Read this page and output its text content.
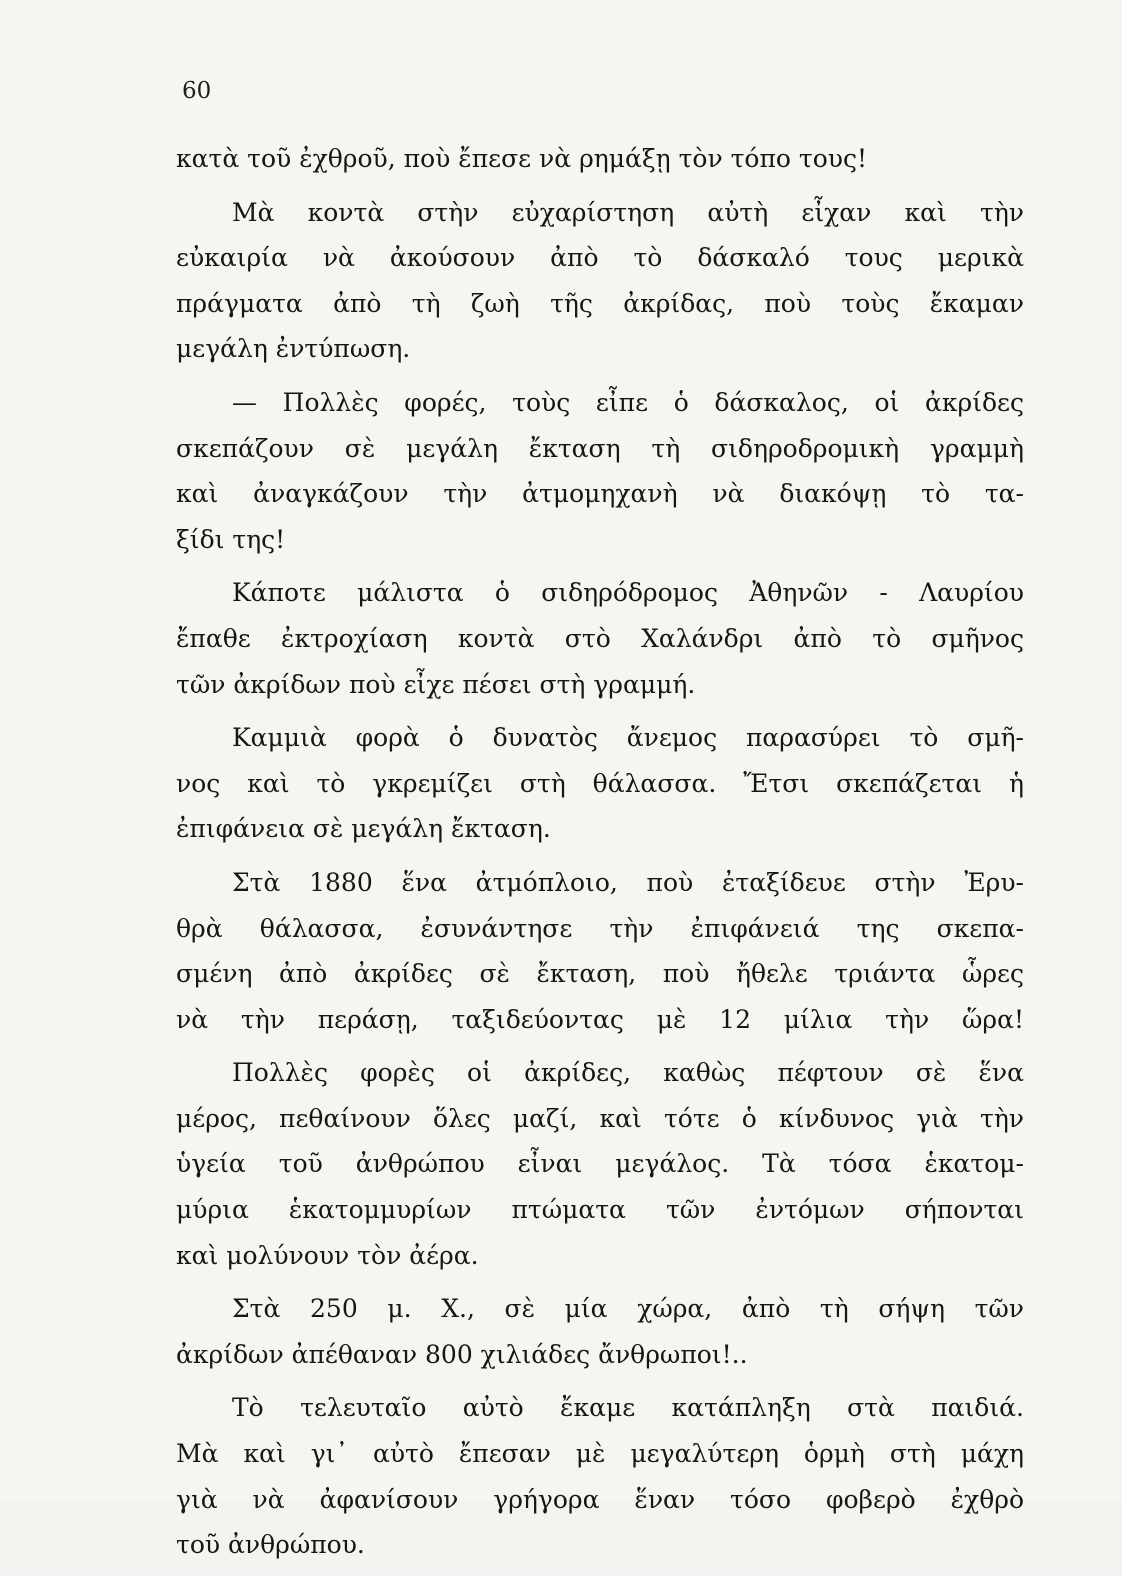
60

κατὰ τοῦ ἐχθροῦ, ποὺ ἔπεσε νὰ ρημάξῃ τὸν τόπο τους!

Μὰ κοντὰ στὴν εὐχαρίστηση αὐτὴ εἶχαν καὶ τὴν
εὐκαιρία νὰ ἀκούσουν ἀπὸ τὸ δάσκαλό τους μερικὰ
πράγματα ἀπὸ τὴ ζωὴ τῆς ἀκρίδας, ποὺ τοὺς ἔκαμαν
μεγάλη ἐντύπωση.

— Πολλὲς φορές, τοὺς εἶπε ὁ δάσκαλος, οἱ ἀκρίδες
σκεπάζουν σὲ μεγάλη ἔκταση τὴ σιδηροδρομικὴ γραμμὴ
καὶ ἀναγκάζουν τὴν ἀτμομηχανὴ νὰ διακόψῃ τὸ τα-
ξίδι της!

Κάποτε μάλιστα ὁ σιδηρόδρομος Ἀθηνῶν - Λαυρίου
ἔπαθε ἐκτροχίαση κοντὰ στὸ Χαλάνδρι ἀπὸ τὸ σμῆνος
τῶν ἀκρίδων ποὺ εἶχε πέσει στὴ γραμμή.

Καμμιὰ φορὰ ὁ δυνατὸς ἄνεμος παρασύρει τὸ σμῆ-
νος καὶ τὸ γκρεμίζει στὴ θάλασσα. Ἔτσι σκεπάζεται ἡ
ἐπιφάνεια σὲ μεγάλη ἔκταση.

Στὰ 1880 ἕνα ἀτμόπλοιο, ποὺ ἐταξίδευε στὴν Ἐρυ-
θρὰ θάλασσα, ἐσυνάντησε τὴν ἐπιφάνειά της σκεπα-
σμένη ἀπὸ ἀκρίδες σὲ ἔκταση, ποὺ ἤθελε τριάντα ὧρες
νὰ τὴν περάσῃ, ταξιδεύοντας μὲ 12 μίλια τὴν ὥρα!

Πολλὲς φορὲς οἱ ἀκρίδες, καθὼς πέφτουν σὲ ἕνα
μέρος, πεθαίνουν ὅλες μαζί, καὶ τότε ὁ κίνδυνος γιὰ τὴν
ὑγεία τοῦ ἀνθρώπου εἶναι μεγάλος. Τὰ τόσα ἑκατομ-
μύρια ἑκατομμυρίων πτώματα τῶν ἐντόμων σήπονται
καὶ μολύνουν τὸν ἀέρα.

Στὰ 250 μ. Χ., σὲ μία χώρα, ἀπὸ τὴ σήψη τῶν
ἀκρίδων ἀπέθαναν 800 χιλιάδες ἄνθρωποι!..

Τὸ τελευταῖο αὐτὸ ἔκαμε κατάπληξη στὰ παιδιά.
Μὰ καὶ γι᾿ αὐτὸ ἔπεσαν μὲ μεγαλύτερη ὁρμὴ στὴ μάχη
γιὰ νὰ ἀφανίσουν γρήγορα ἕναν τόσο φοβερὸ ἐχθρὸ
τοῦ ἀνθρώπου.
